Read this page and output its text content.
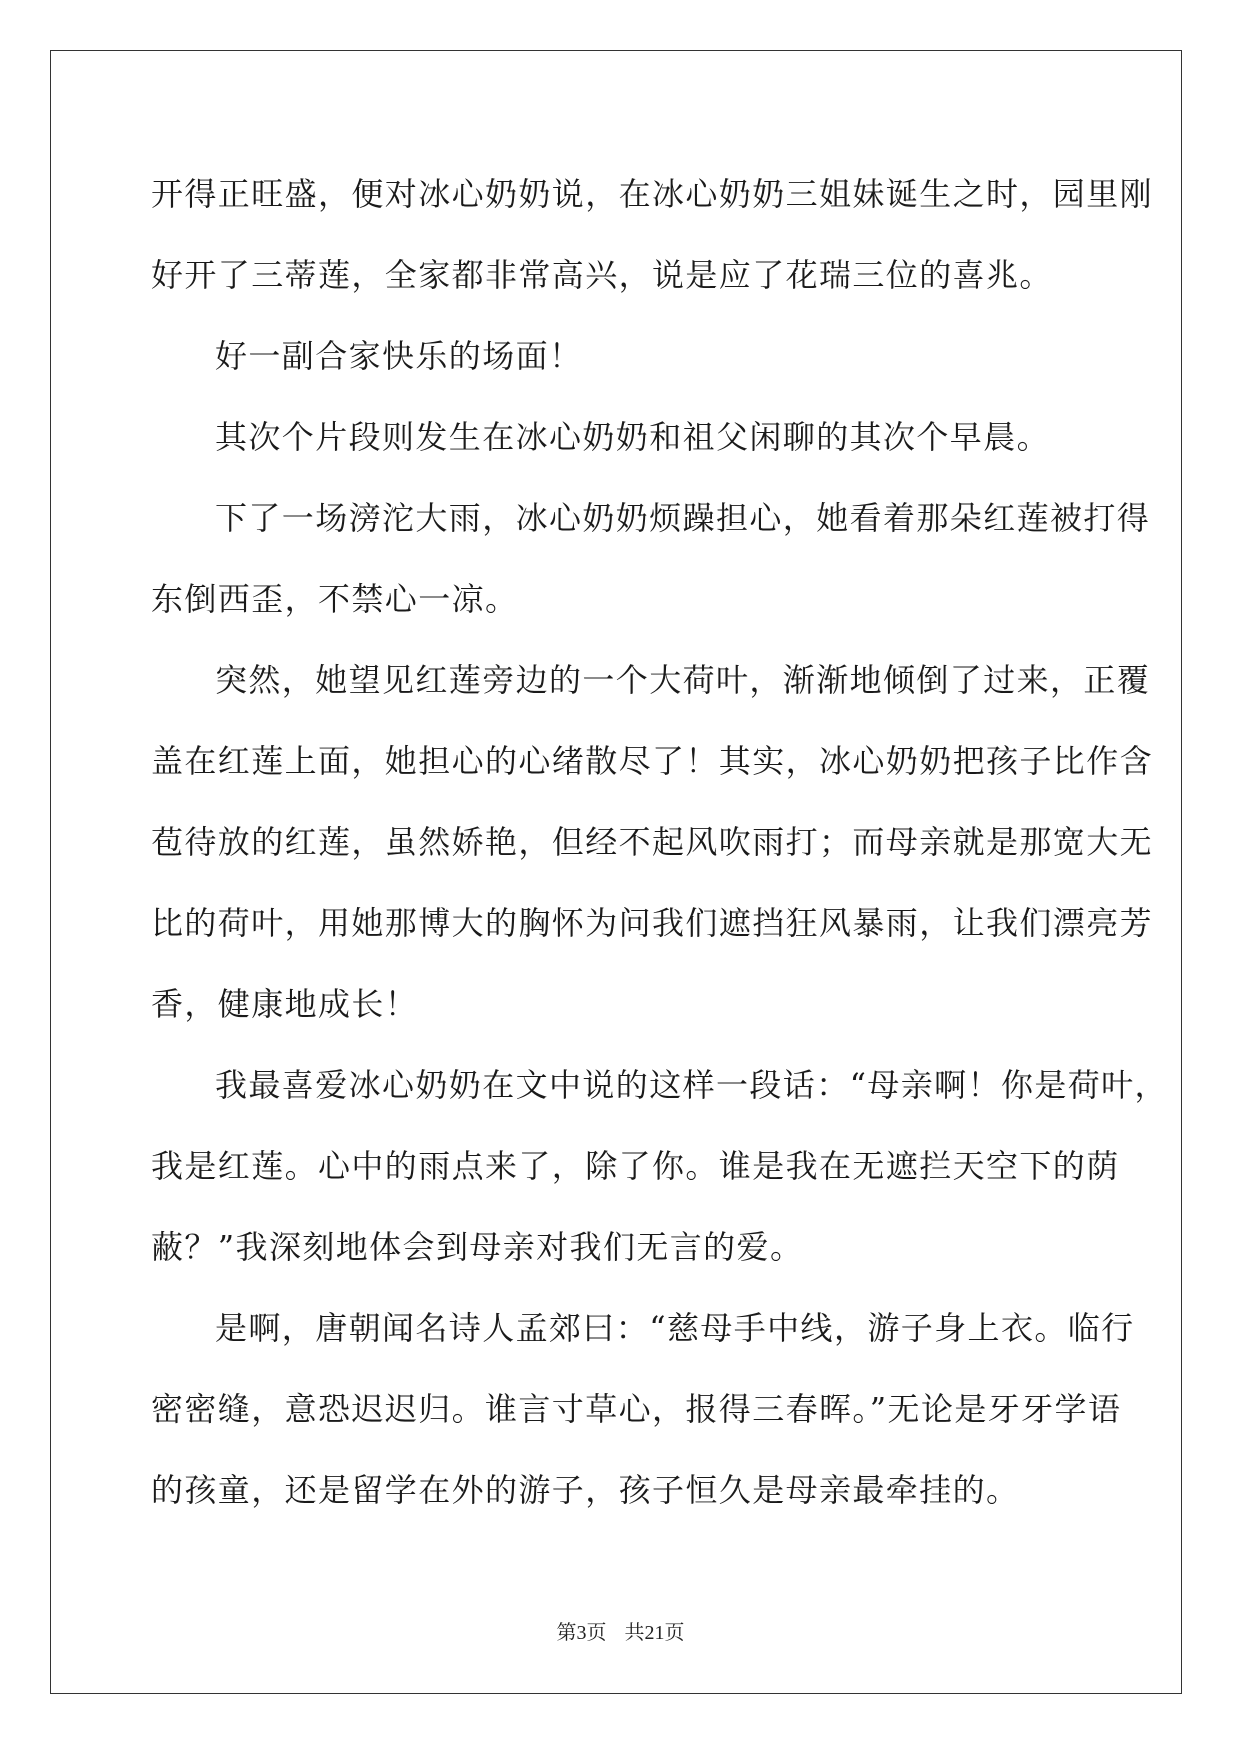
开得正旺盛，便对冰心奶奶说，在冰心奶奶三姐妹诞生之时，园里刚
好开了三蒂莲，全家都非常高兴，说是应了花瑞三位的喜兆。
好一副合家快乐的场面！
其次个片段则发生在冰心奶奶和祖父闲聊的其次个早晨。
下了一场滂沱大雨，冰心奶奶烦躁担心，她看着那朵红莲被打得
东倒西歪，不禁心一凉。
突然，她望见红莲旁边的一个大荷叶，渐渐地倾倒了过来，正覆
盖在红莲上面，她担心的心绪散尽了！其实，冰心奶奶把孩子比作含
苞待放的红莲，虽然娇艳，但经不起风吹雨打；而母亲就是那宽大无
比的荷叶，用她那博大的胸怀为问我们遮挡狂风暴雨，让我们漂亮芳
香，健康地成长！
我最喜爱冰心奶奶在文中说的这样一段话：“母亲啊！你是荷叶，
我是红莲。心中的雨点来了，除了你。谁是我在无遮拦天空下的荫
蔽？”我深刻地体会到母亲对我们无言的爱。
是啊，唐朝闻名诗人孟郊曰：“慈母手中线，游子身上衣。临行
密密缝，意恐迟迟归。谁言寸草心，报得三春晖。”无论是牙牙学语
的孩童，还是留学在外的游子，孩子恒久是母亲最牵挂的。
第3页 共21页
